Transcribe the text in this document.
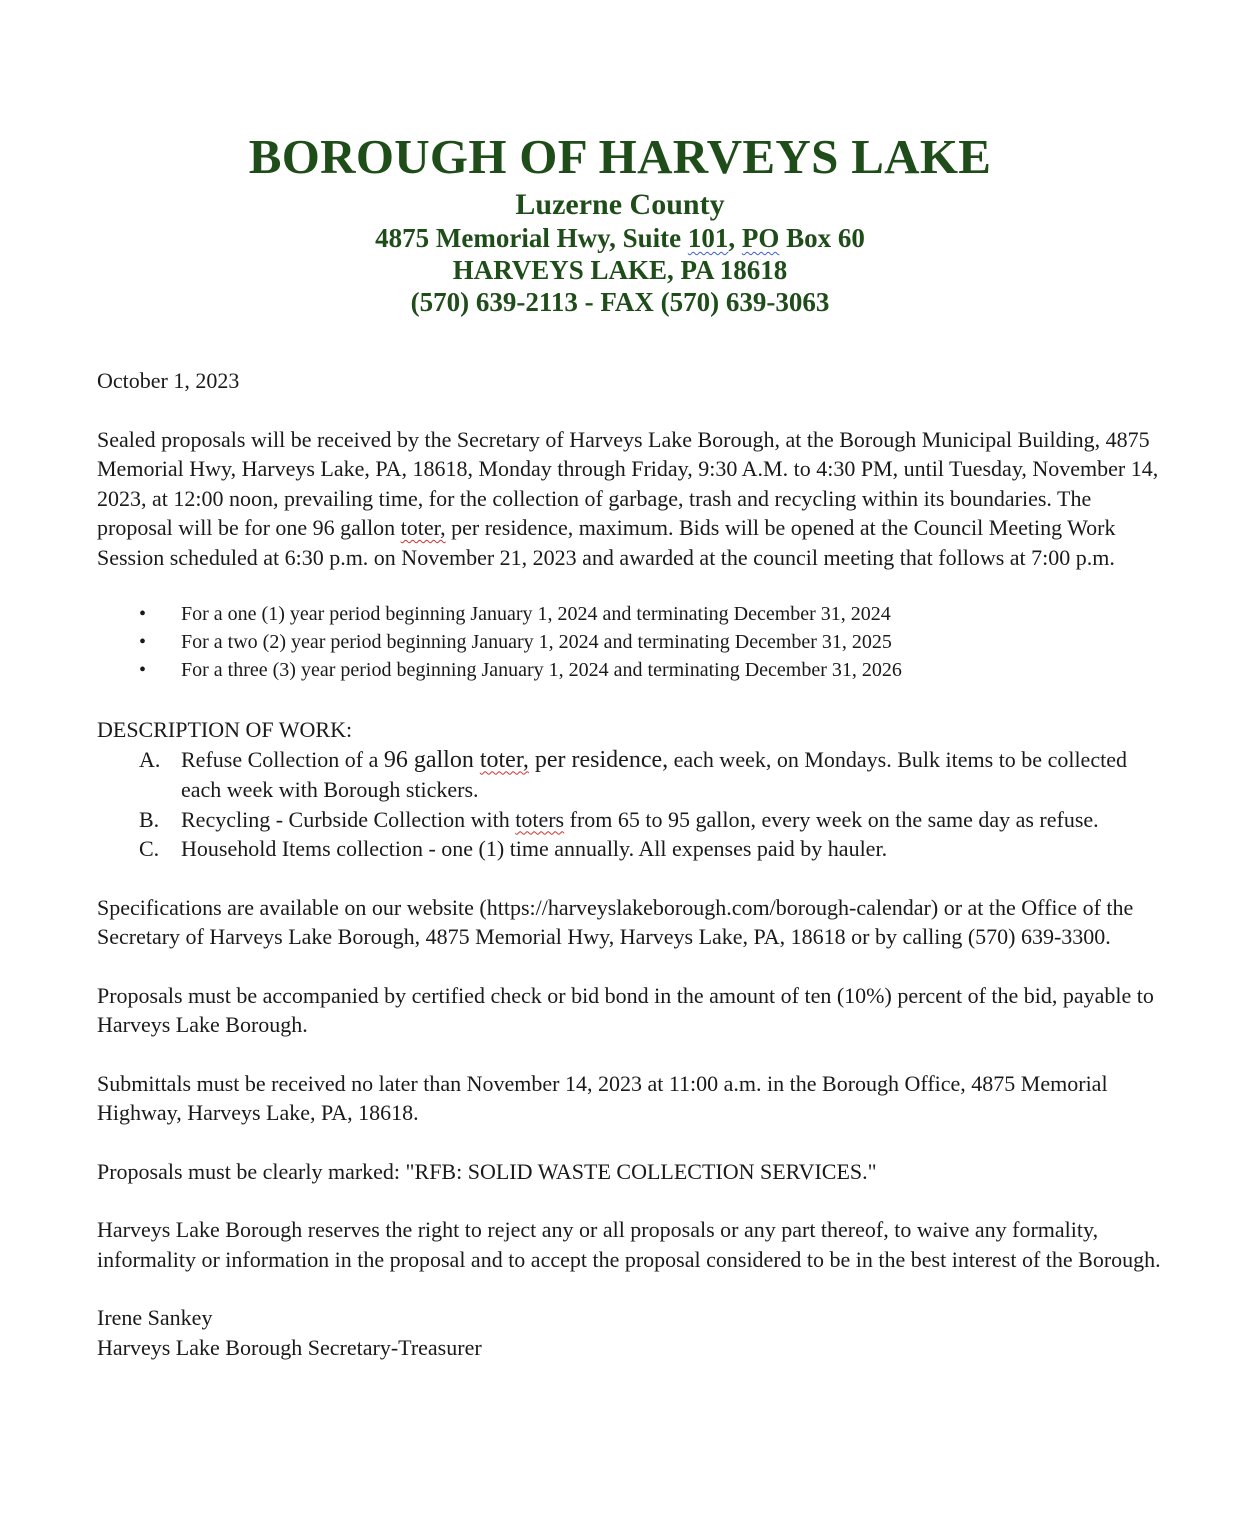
BOROUGH OF HARVEYS LAKE
Luzerne County
4875 Memorial Hwy, Suite 101, PO Box 60
HARVEYS LAKE, PA 18618
(570) 639-2113 - FAX (570) 639-3063

October 1, 2023

Sealed proposals will be received by the Secretary of Harveys Lake Borough, at the Borough Municipal Building, 4875 Memorial Hwy, Harveys Lake, PA, 18618, Monday through Friday, 9:30 A.M. to 4:30 PM, until Tuesday, November 14, 2023, at 12:00 noon, prevailing time, for the collection of garbage, trash and recycling within its boundaries. The proposal will be for one 96 gallon toter, per residence, maximum. Bids will be opened at the Council Meeting Work Session scheduled at 6:30 p.m. on November 21, 2023 and awarded at the council meeting that follows at 7:00 p.m.

• For a one (1) year period beginning January 1, 2024 and terminating December 31, 2024
• For a two (2) year period beginning January 1, 2024 and terminating December 31, 2025
• For a three (3) year period beginning January 1, 2024 and terminating December 31, 2026

DESCRIPTION OF WORK:

A. Refuse Collection of a 96 gallon toter, per residence, each week, on Mondays. Bulk items to be collected each week with Borough stickers.
B. Recycling - Curbside Collection with toters from 65 to 95 gallon, every week on the same day as refuse.
C. Household Items collection - one (1) time annually. All expenses paid by hauler.

Specifications are available on our website (https://harveyslakeborough.com/borough-calendar) or at the Office of the Secretary of Harveys Lake Borough, 4875 Memorial Hwy, Harveys Lake, PA, 18618 or by calling (570) 639-3300.

Proposals must be accompanied by certified check or bid bond in the amount of ten (10%) percent of the bid, payable to Harveys Lake Borough.

Submittals must be received no later than November 14, 2023 at 11:00 a.m. in the Borough Office, 4875 Memorial Highway, Harveys Lake, PA, 18618.

Proposals must be clearly marked: "RFB: SOLID WASTE COLLECTION SERVICES."

Harveys Lake Borough reserves the right to reject any or all proposals or any part thereof, to waive any formality, informality or information in the proposal and to accept the proposal considered to be in the best interest of the Borough.

Irene Sankey

Harveys Lake Borough Secretary-Treasurer
